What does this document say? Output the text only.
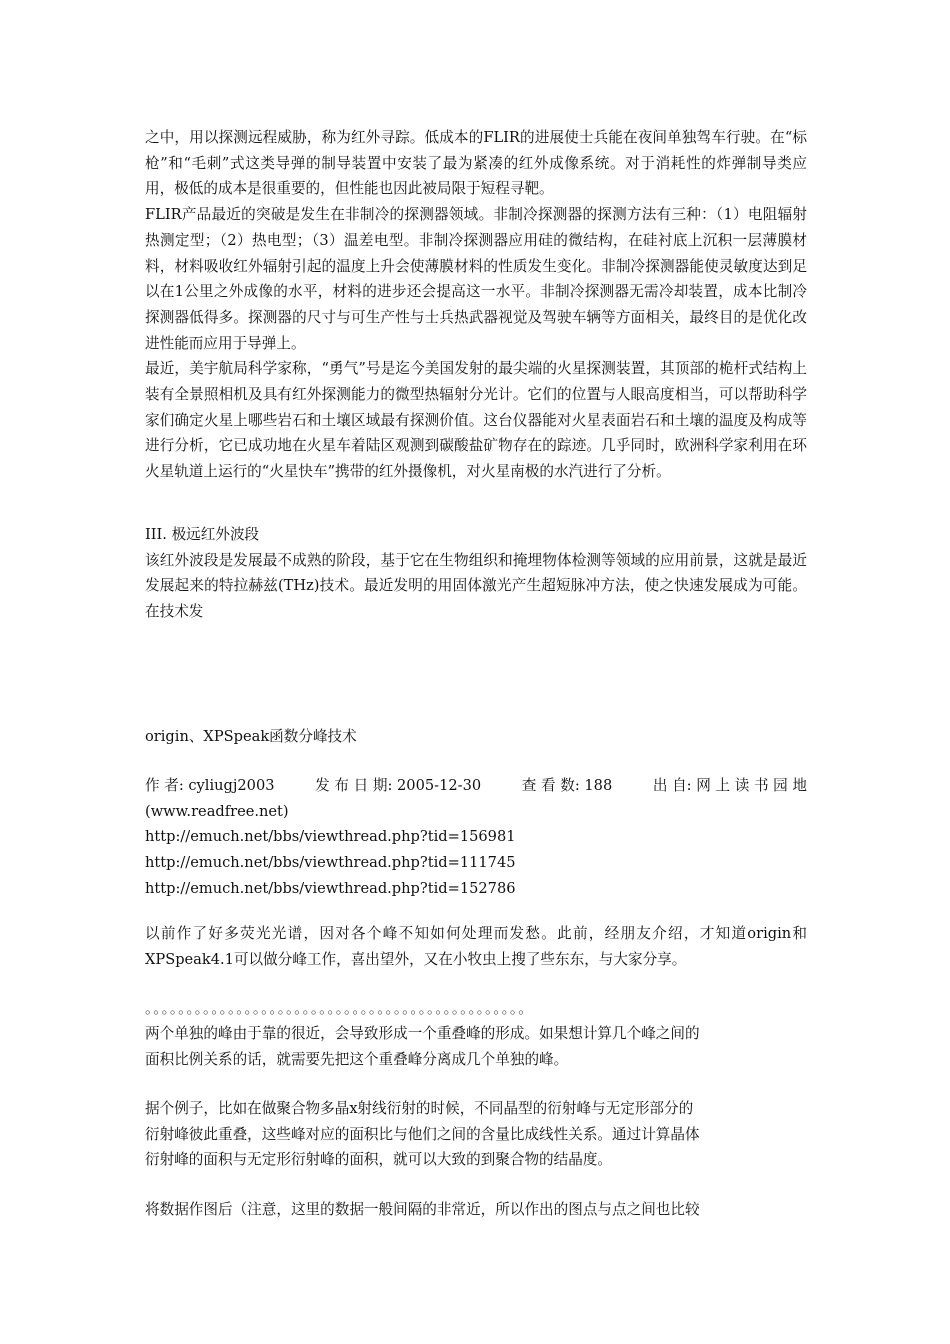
之中，用以探测远程威胁，称为红外寻踪。低成本的FLIR的进展使士兵能在夜间单独驾车行驶。在“标枪”和“毛刺”式这类导弹的制导装置中安装了最为紧凑的红外成像系统。对于消耗性的炸弹制导类应用，极低的成本是很重要的，但性能也因此被局限于短程寻靶。

FLIR产品最近的突破是发生在非制冷的探测器领域。非制冷探测器的探测方法有三种：（1）电阻辐射热测定型；（2）热电型；（3）温差电型。非制冷探测器应用硅的微结构，在硅衬底上沉积一层薄膜材料，材料吸收红外辐射引起的温度上升会使薄膜材料的性质发生变化。非制冷探测器能使灵敏度达到足以在1公里之外成像的水平，材料的进步还会提高这一水平。非制冷探测器无需冷却装置，成本比制冷探测器低得多。探测器的尺寸与可生产性与士兵热武器视觉及驾驶车辆等方面相关，最终目的是优化改进性能而应用于导弹上。

最近，美宇航局科学家称，“勇气”号是迄今美国发射的最尖端的火星探测装置，其顶部的桅杆式结构上装有全景照相机及具有红外探测能力的微型热辐射分光计。它们的位置与人眼高度相当，可以帮助科学家们确定火星上哪些岩石和土壤区域最有探测价值。这台仪器能对火星表面岩石和土壤的温度及构成等进行分析，它已成功地在火星车着陆区观测到碳酸盐矿物存在的踪迹。几乎同时，欧洲科学家利用在环火星轨道上运行的“火星快车”携带的红外摄像机，对火星南极的水汽进行了分析。

III. 极远红外波段

该红外波段是发展最不成熟的阶段，基于它在生物组织和掩埋物体检测等领域的应用前景，这就是最近发展起来的特拉赫兹(THz)技术。最近发明的用固体激光产生超短脉冲方法，使之快速发展成为可能。在技术发

origin、XPSpeak函数分峰技术

作 者: cyliugj2003	发 布 日 期: 2005-12-30	查 看 数: 188	出 自: 网 上 读 书 园 地
(www.readfree.net)
http://emuch.net/bbs/viewthread.php?tid=156981
http://emuch.net/bbs/viewthread.php?tid=111745
http://emuch.net/bbs/viewthread.php?tid=152786

以前作了好多荧光光谱，因对各个峰不知如何处理而发愁。此前，经朋友介绍，才知道origin和XPSpeak4.1可以做分峰工作，喜出望外，又在小牧虫上搜了些东东，与大家分享。

。。。。。。。。。。。。。。。。。。。。。。。。。。。。。。。。。。。。。。。。。。。。。。
两个单独的峰由于靠的很近，会导致形成一个重叠峰的形成。如果想计算几个峰之间的
面积比例关系的话，就需要先把这个重叠峰分离成几个单独的峰。
据个例子，比如在做聚合物多晶x射线衍射的时候，不同晶型的衍射峰与无定形部分的
衍射峰彼此重叠，这些峰对应的面积比与他们之间的含量比成线性关系。通过计算晶体
衍射峰的面积与无定形衍射峰的面积，就可以大致的到聚合物的结晶度。
将数据作图后（注意，这里的数据一般间隔的非常近，所以作出的图点与点之间也比较
